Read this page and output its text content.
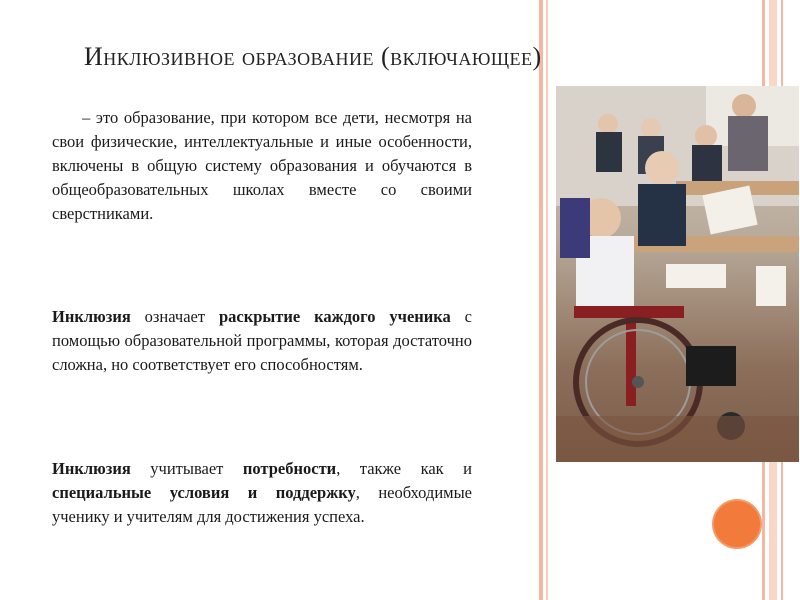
Инклюзивное образование (включающее)
– это образование, при котором все дети, несмотря на свои физические, интеллектуальные и иные особенности, включены в общую систему образования и обучаются в общеобразовательных школах вместе со своими сверстниками.
Инклюзия означает раскрытие каждого ученика с помощью образовательной программы, которая достаточно сложна, но соответствует его способностям.
Инклюзия учитывает потребности, также как и специальные условия и поддержку, необходимые ученику и учителям для достижения успеха.
